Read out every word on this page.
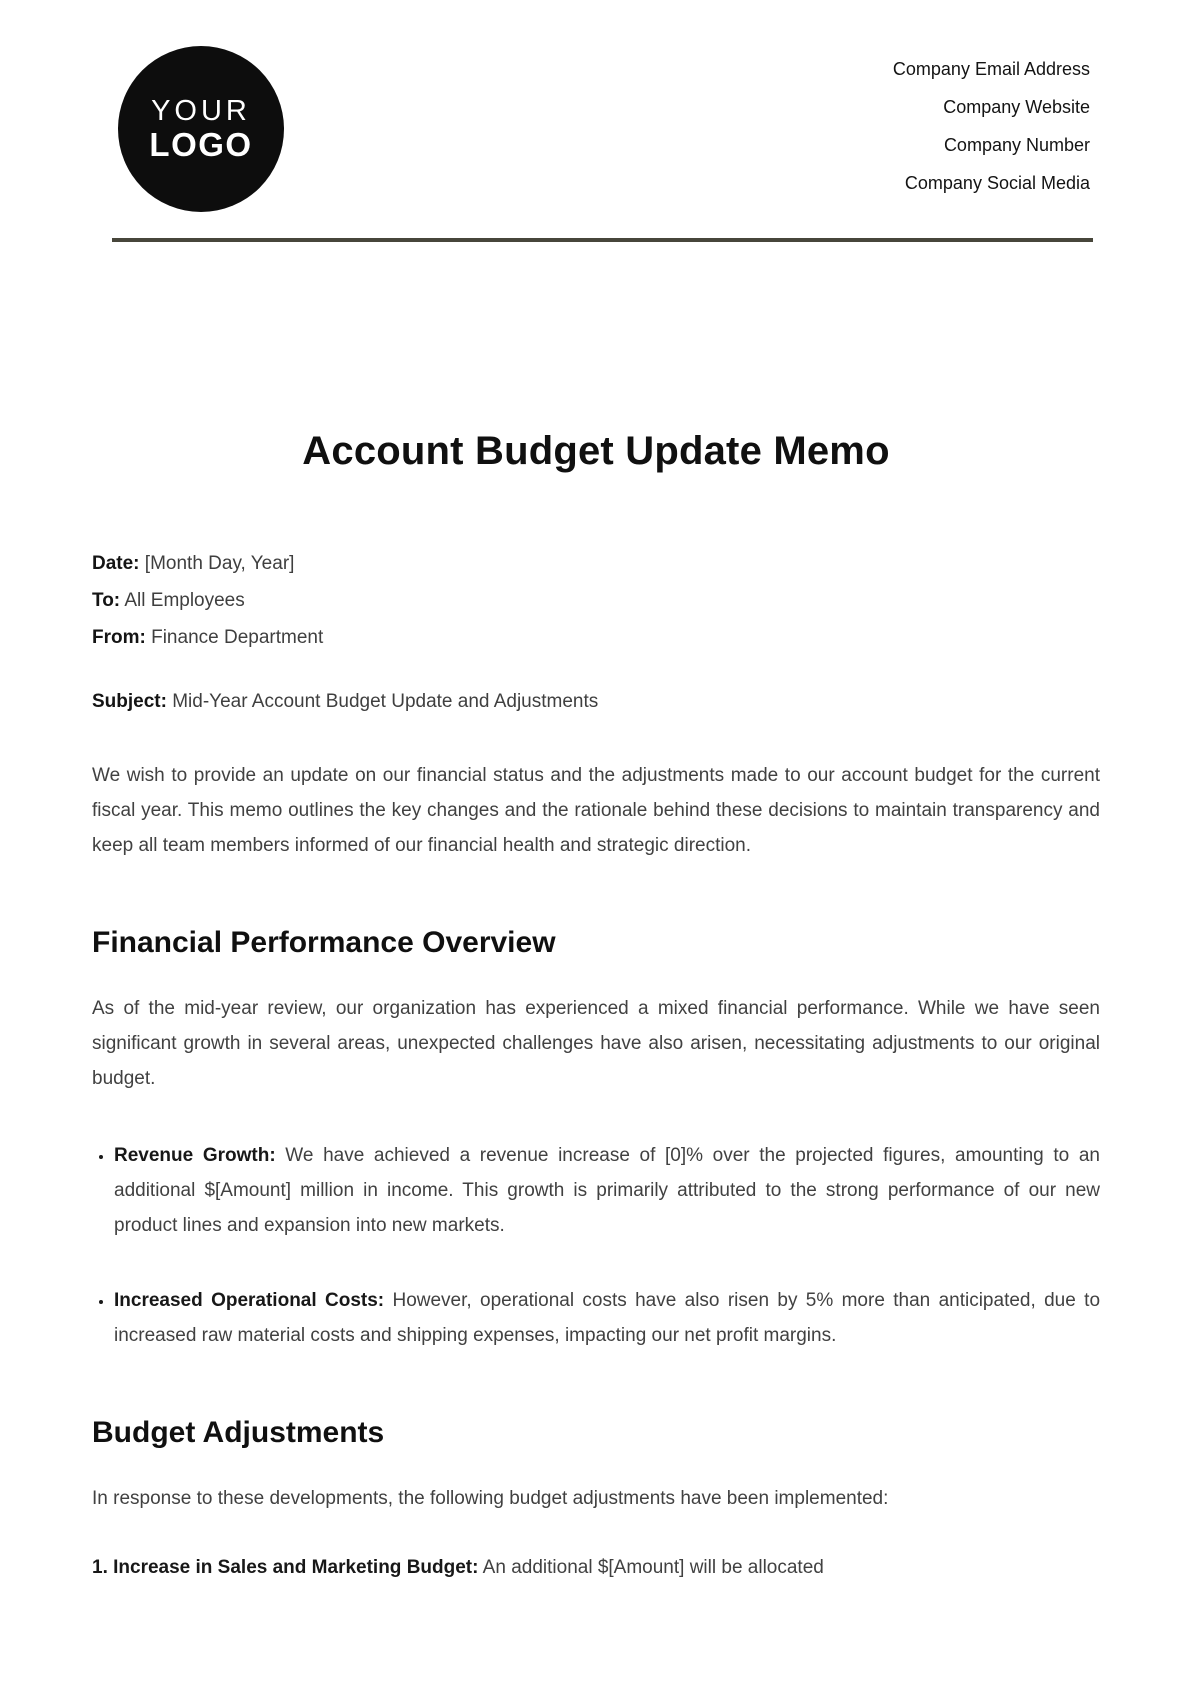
YOUR
LOGO
Company Email Address
Company Website
Company Number
Company Social Media
Account Budget Update Memo
Date: [Month Day, Year]
To: All Employees
From: Finance Department
Subject: Mid-Year Account Budget Update and Adjustments

We wish to provide an update on our financial status and the adjustments made to our account budget for the current fiscal year. This memo outlines the key changes and the rationale behind these decisions to maintain transparency and keep all team members informed of our financial health and strategic direction.

Financial Performance Overview

As of the mid-year review, our organization has experienced a mixed financial performance. While we have seen significant growth in several areas, unexpected challenges have also arisen, necessitating adjustments to our original budget.

• Revenue Growth: We have achieved a revenue increase of [0]% over the projected figures, amounting to an additional $[Amount] million in income. This growth is primarily attributed to the strong performance of our new product lines and expansion into new markets.
• Increased Operational Costs: However, operational costs have also risen by 5% more than anticipated, due to increased raw material costs and shipping expenses, impacting our net profit margins.
Budget Adjustments

In response to these developments, the following budget adjustments have been implemented:

1. Increase in Sales and Marketing Budget: An additional $[Amount] will be allocated
